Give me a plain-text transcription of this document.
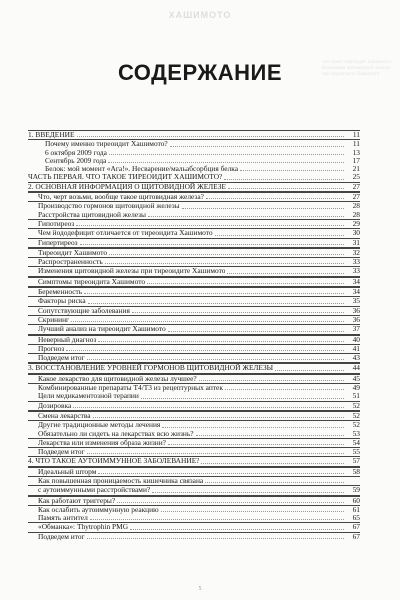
ХАШИМОТО
Что такое тиреоидит Хашимото? Изменения щитовидной железы при тиреоидите Хашимото
СОДЕРЖАНИЕ
1. ВВЕДЕНИЕ	11
Почему именно тиреоидит Хашимото?	11
6 октября 2009 года	13
Сентябрь 2009 года	17
Белок: мой момент «Ага!». Несварение/мальабсорбция белка	21
ЧАСТЬ ПЕРВАЯ. ЧТО ТАКОЕ ТИРЕОИДИТ ХАШИМОТО?	25
2. ОСНОВНАЯ ИНФОРМАЦИЯ О ЩИТОВИДНОЙ ЖЕЛЕЗЕ	27
Что, черт возьми, вообще такое щитовидная железа?	27
Производство гормонов щитовидной железы	28
Расстройства щитовидной железы	28
Гипотиреоз	29
Чем йододефицит отличается от тиреоидита Хашимото	30
Гипертиреоз	31
Тиреоидит Хашимото	32
Распространенность	33
Изменения щитовидной железы при тиреоидите Хашимото	33
Симптомы тиреоидита Хашимото	34
Беременность	34
Факторы риска	35
Сопутствующие заболевания	36
Скрининг	36
Лучший анализ на тиреоидит Хашимото	37
Неверный диагноз	40
Прогноз	41
Подведем итог	43
3. ВОССТАНОВЛЕНИЕ УРОВНЕЙ ГОРМОНОВ ЩИТОВИДНОЙ ЖЕЛЕЗЫ	44
Какое лекарство для щитовидной железы лучшее?	45
Комбинированные препараты T4/T3 из рецептурных аптек	49
Цели медикаментозной терапии	51
Дозировка	52
Смена лекарства	52
Другие традиционные методы лечения	52
Обязательно ли сидеть на лекарствах всю жизнь?	53
Лекарства или изменения образа жизни?	54
Подведем итог	55
4. ЧТО ТАКОЕ АУТОИММУННОЕ ЗАБОЛЕВАНИЕ?	57
Идеальный шторм	58
Как повышенная проницаемость кишечника связана
с аутоиммунными расстройствами?	59
Как работают триггеры?	60
Как ослабить аутоиммунную реакцию	61
Память антител	65
«Обманка»: Thytrophin PMG	67
Подведем итог	67
5
